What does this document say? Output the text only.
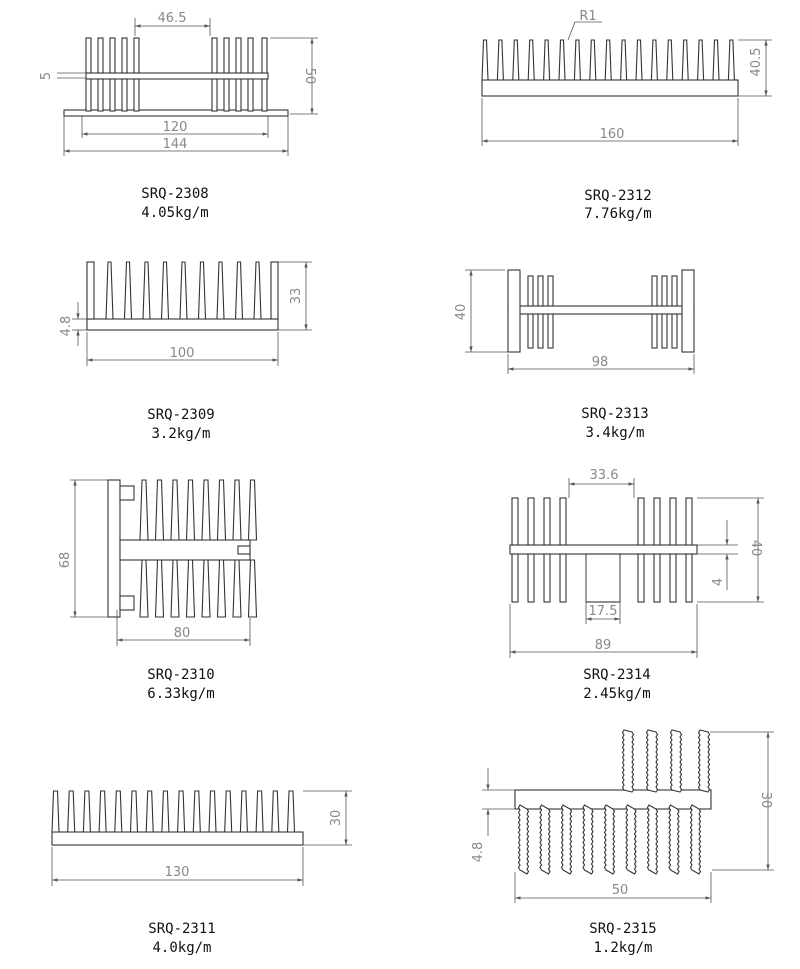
46.5
5	50
120
144
SRQ-2308
4.05kg/m
R1
40.5
160
SRQ-2312
7.76kg/m
33
4.8
100
SRQ-2309
3.2kg/m
40
98
SRQ-2313
3.4kg/m
68
80
SRQ-2310
6.33kg/m
33.6
40
4
17.5
89
SRQ-2314
2.45kg/m
30
130
SRQ-2311
4.0kg/m
30
4.8
50
SRQ-2315
1.2kg/m
